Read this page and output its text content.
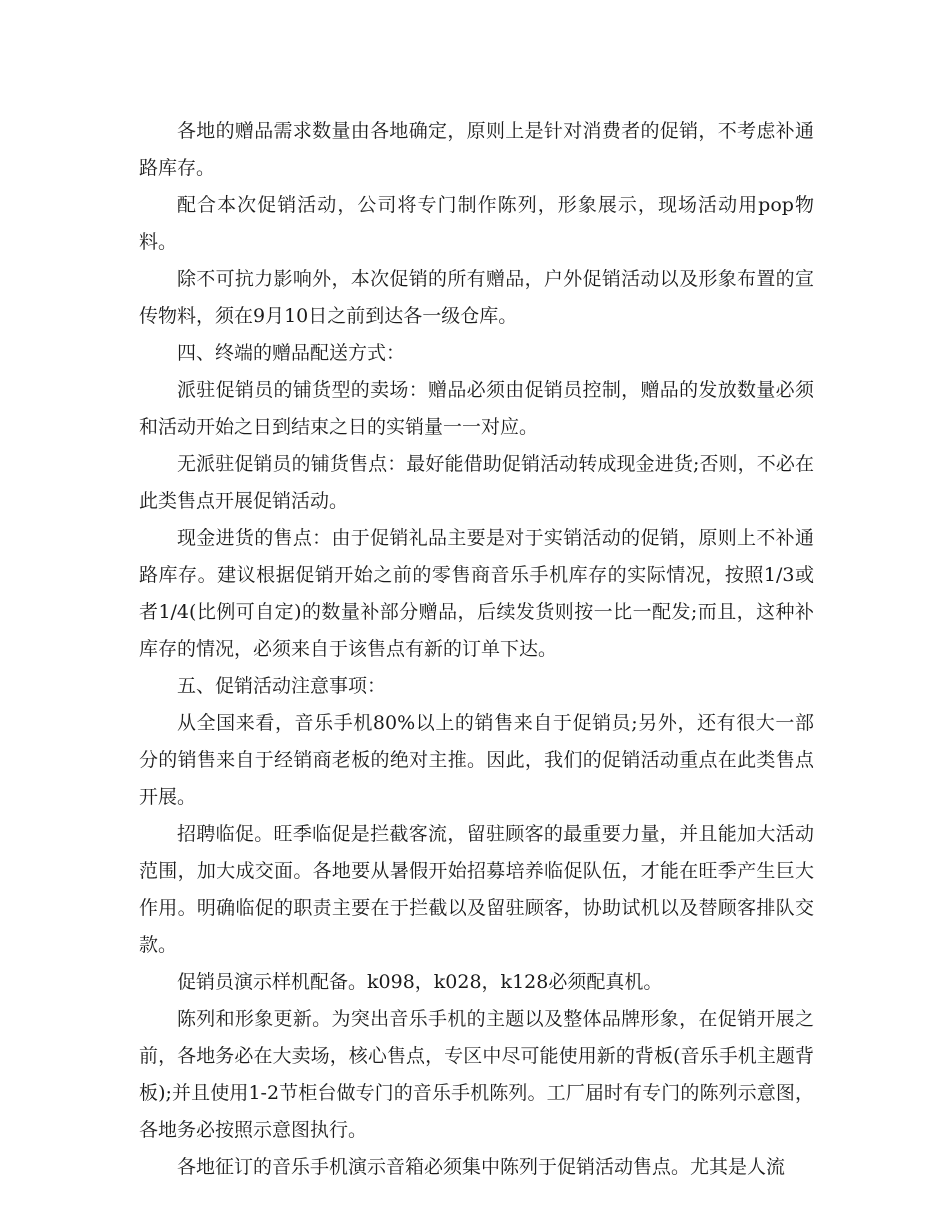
各地的赠品需求数量由各地确定，原则上是针对消费者的促销，不考虑补通路库存。

配合本次促销活动，公司将专门制作陈列，形象展示，现场活动用pop物料。

除不可抗力影响外，本次促销的所有赠品，户外促销活动以及形象布置的宣传物料，须在9月10日之前到达各一级仓库。

四、终端的赠品配送方式：

派驻促销员的铺货型的卖场：赠品必须由促销员控制，赠品的发放数量必须和活动开始之日到结束之日的实销量一一对应。

无派驻促销员的铺货售点：最好能借助促销活动转成现金进货;否则，不必在此类售点开展促销活动。

现金进货的售点：由于促销礼品主要是对于实销活动的促销，原则上不补通路库存。建议根据促销开始之前的零售商音乐手机库存的实际情况，按照1/3或者1/4(比例可自定)的数量补部分赠品，后续发货则按一比一配发;而且，这种补库存的情况，必须来自于该售点有新的订单下达。

五、促销活动注意事项：

从全国来看，音乐手机80%以上的销售来自于促销员;另外，还有很大一部分的销售来自于经销商老板的绝对主推。因此，我们的促销活动重点在此类售点开展。

招聘临促。旺季临促是拦截客流，留驻顾客的最重要力量，并且能加大活动范围，加大成交面。各地要从暑假开始招募培养临促队伍，才能在旺季产生巨大作用。明确临促的职责主要在于拦截以及留驻顾客，协助试机以及替顾客排队交款。

促销员演示样机配备。k098，k028，k128必须配真机。

陈列和形象更新。为突出音乐手机的主题以及整体品牌形象，在促销开展之前，各地务必在大卖场，核心售点，专区中尽可能使用新的背板(音乐手机主题背板);并且使用1-2节柜台做专门的音乐手机陈列。工厂届时有专门的陈列示意图，各地务必按照示意图执行。

各地征订的音乐手机演示音箱必须集中陈列于促销活动售点。尤其是人流
